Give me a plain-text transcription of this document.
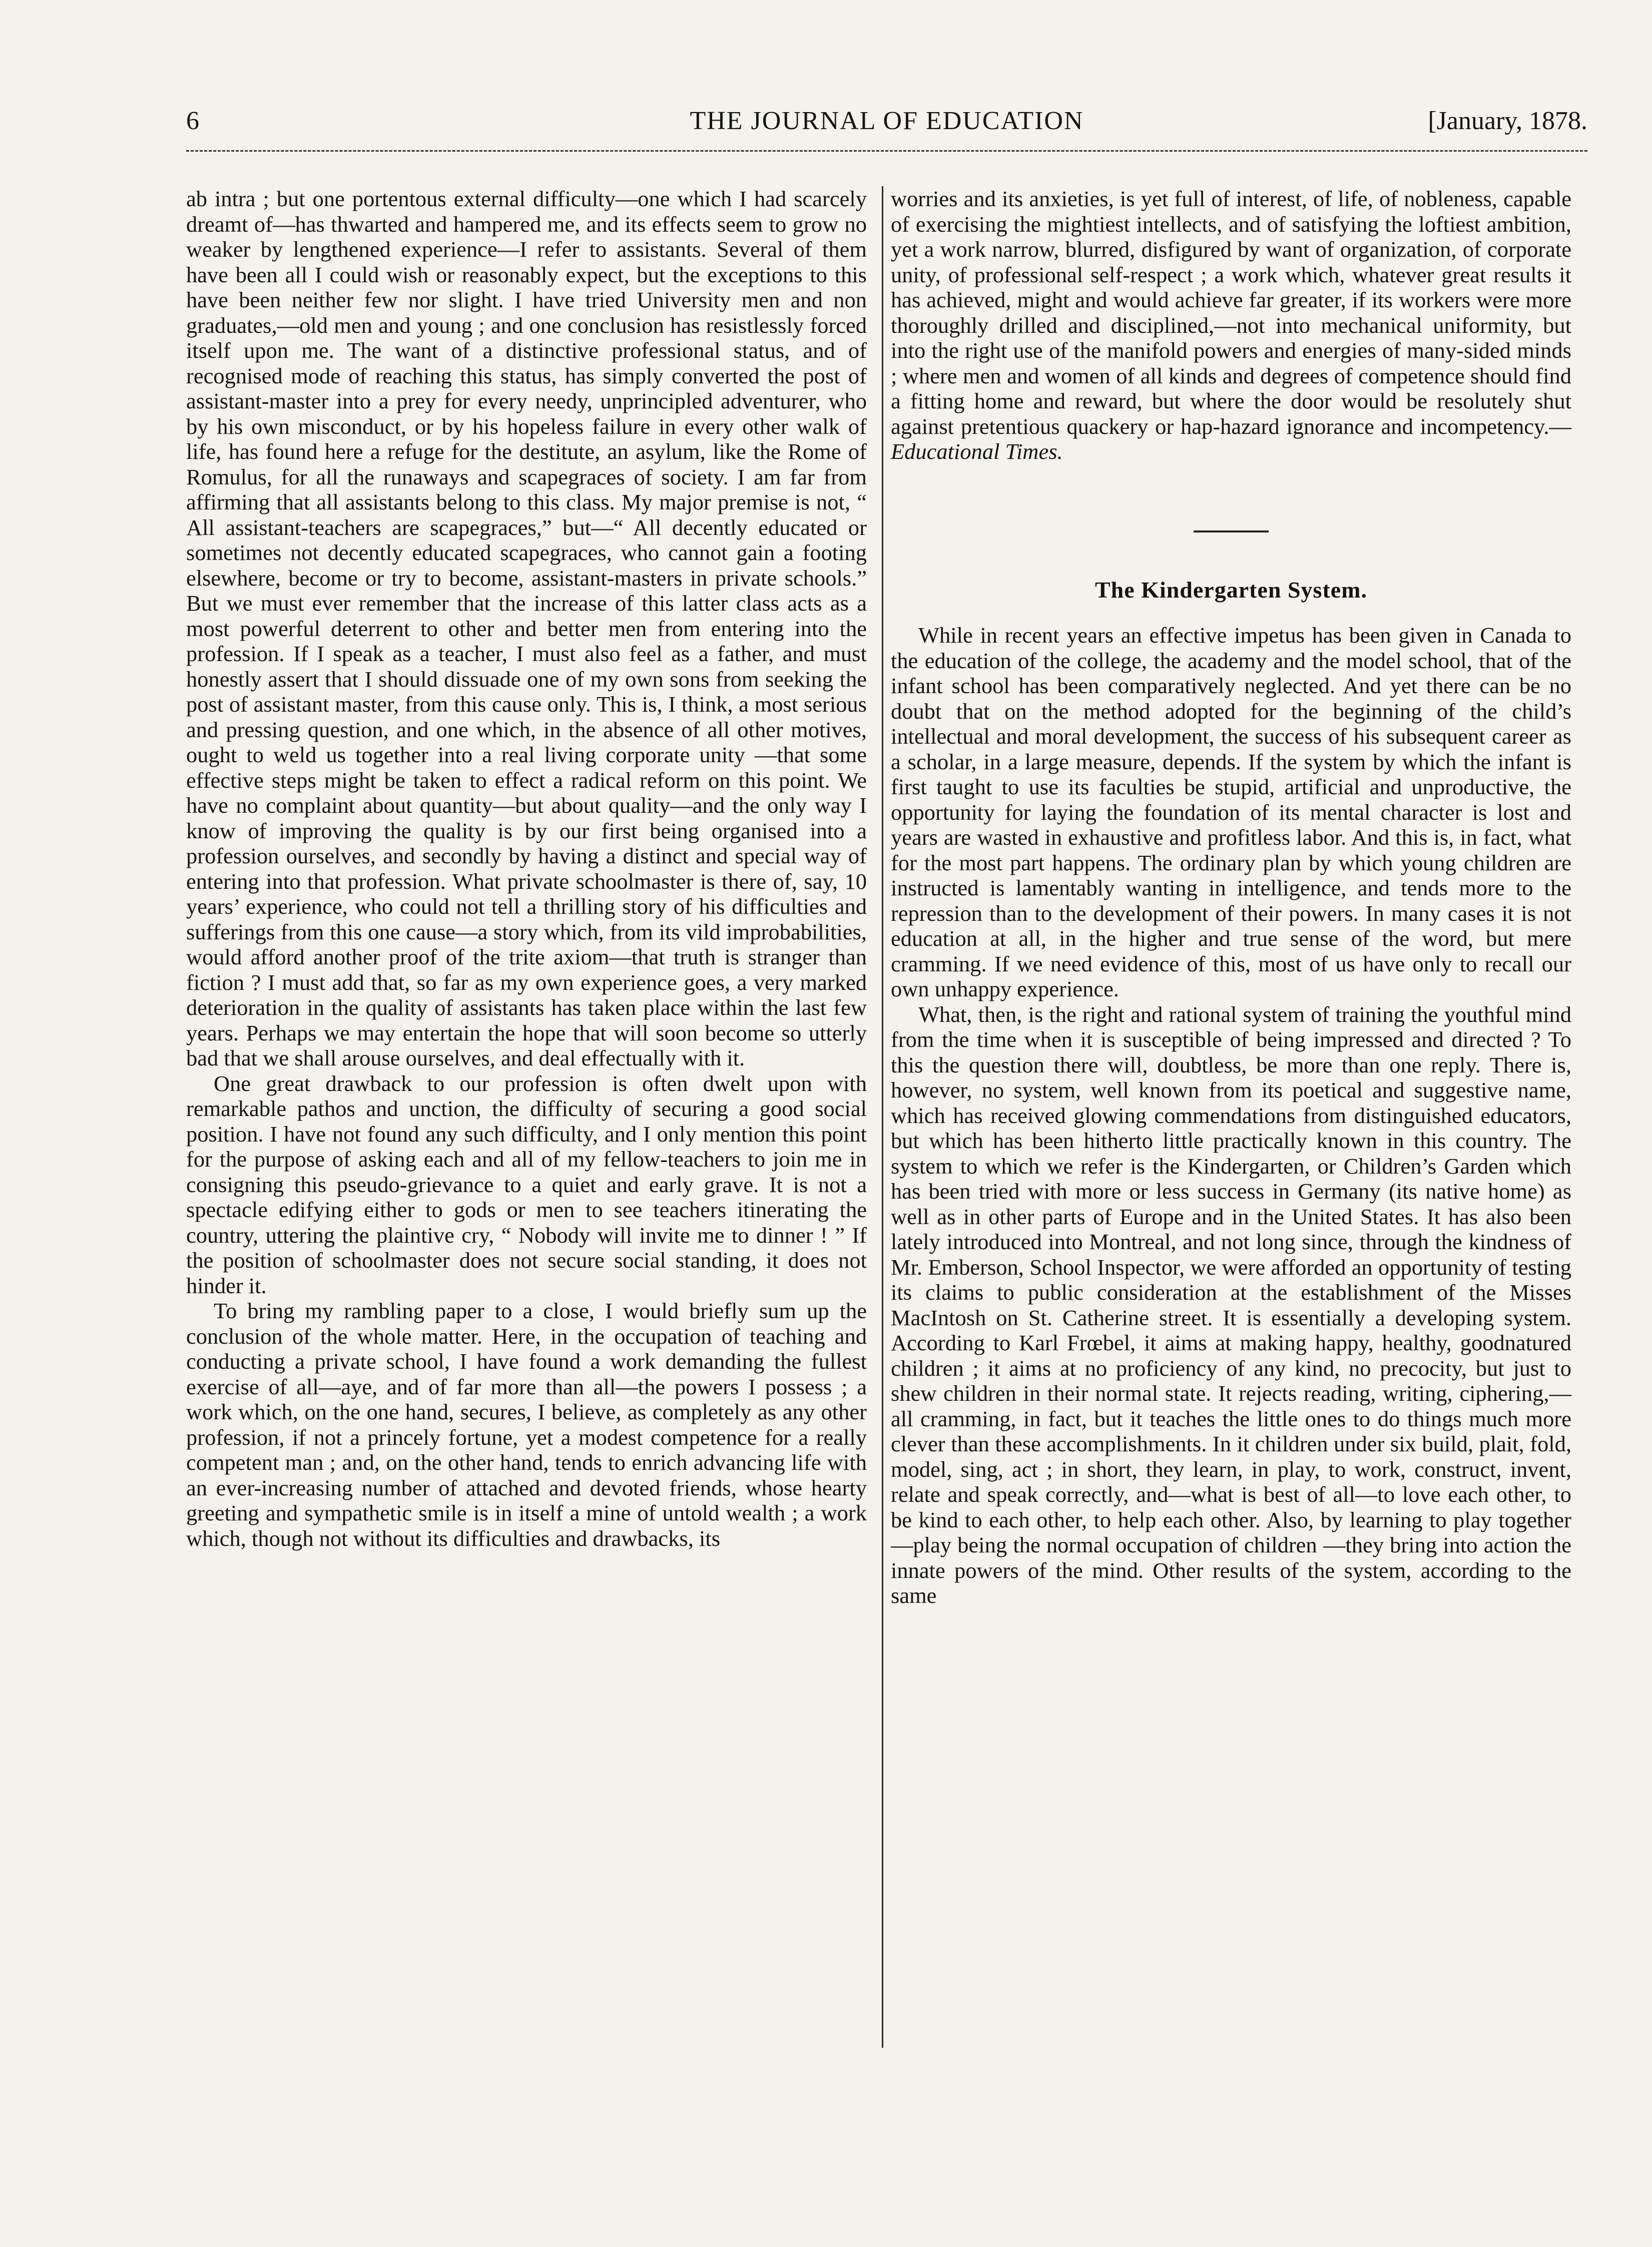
6	THE JOURNAL OF EDUCATION	[January, 1878.

ab intra ; but one portentous external difficulty—one which I had scarcely dreamt of—has thwarted and hampered me, and its effects seem to grow no weaker by lengthened experience—I refer to assistants. Several of them have been all I could wish or reasonably expect, but the exceptions to this have been neither few nor slight. I have tried University men and non graduates,—old men and young ; and one conclusion has resistlessly forced itself upon me. The want of a distinctive professional status, and of recognised mode of reaching this status, has simply converted the post of assistant-master into a prey for every needy, unprincipled adventurer, who by his own misconduct, or by his hopeless failure in every other walk of life, has found here a refuge for the destitute, an asylum, like the Rome of Romulus, for all the runaways and scapegraces of society. I am far from affirming that all assistants belong to this class. My major premise is not, “ All assistant-teachers are scapegraces,” but—“ All decently educated or sometimes not decently educated scapegraces, who cannot gain a footing elsewhere, become or try to become, assistant-masters in private schools.” But we must ever remember that the increase of this latter class acts as a most powerful deterrent to other and better men from entering into the profession. If I speak as a teacher, I must also feel as a father, and must honestly assert that I should dissuade one of my own sons from seeking the post of assistant master, from this cause only. This is, I think, a most serious and pressing question, and one which, in the absence of all other motives, ought to weld us together into a real living corporate unity —that some effective steps might be taken to effect a radical reform on this point. We have no complaint about quantity—but about quality—and the only way I know of improving the quality is by our first being organised into a profession ourselves, and secondly by having a distinct and special way of entering into that profession. What private schoolmaster is there of, say, 10 years’ experience, who could not tell a thrilling story of his difficulties and sufferings from this one cause—a story which, from its vild improbabilities, would afford another proof of the trite axiom—that truth is stranger than fiction ? I must add that, so far as my own experience goes, a very marked deterioration in the quality of assistants has taken place within the last few years. Perhaps we may entertain the hope that will soon become so utterly bad that we shall arouse ourselves, and deal effectually with it.

One great drawback to our profession is often dwelt upon with remarkable pathos and unction, the difficulty of securing a good social position. I have not found any such difficulty, and I only mention this point for the purpose of asking each and all of my fellow-teachers to join me in consigning this pseudo-grievance to a quiet and early grave. It is not a spectacle edifying either to gods or men to see teachers itinerating the country, uttering the plaintive cry, “ Nobody will invite me to dinner ! ” If the position of schoolmaster does not secure social standing, it does not hinder it.

To bring my rambling paper to a close, I would briefly sum up the conclusion of the whole matter. Here, in the occupation of teaching and conducting a private school, I have found a work demanding the fullest exercise of all—aye, and of far more than all—the powers I possess ; a work which, on the one hand, secures, I believe, as completely as any other profession, if not a princely fortune, yet a modest competence for a really competent man ; and, on the other hand, tends to enrich advancing life with an ever-increasing number of attached and devoted friends, whose hearty greeting and sympathetic smile is in itself a mine of untold wealth ; a work which, though not without its difficulties and drawbacks, its

worries and its anxieties, is yet full of interest, of life, of nobleness, capable of exercising the mightiest intellects, and of satisfying the loftiest ambition, yet a work narrow, blurred, disfigured by want of organization, of corporate unity, of professional self-respect ; a work which, whatever great results it has achieved, might and would achieve far greater, if its workers were more thoroughly drilled and disciplined,—not into mechanical uniformity, but into the right use of the manifold powers and energies of many-sided minds ; where men and women of all kinds and degrees of competence should find a fitting home and reward, but where the door would be resolutely shut against pretentious quackery or hap-hazard ignorance and incompetency.—Educational Times.

The Kindergarten System.

While in recent years an effective impetus has been given in Canada to the education of the college, the academy and the model school, that of the infant school has been comparatively neglected. And yet there can be no doubt that on the method adopted for the beginning of the child’s intellectual and moral development, the success of his subsequent career as a scholar, in a large measure, depends. If the system by which the infant is first taught to use its faculties be stupid, artificial and unproductive, the opportunity for laying the foundation of its mental character is lost and years are wasted in exhaustive and profitless labor. And this is, in fact, what for the most part happens. The ordinary plan by which young children are instructed is lamentably wanting in intelligence, and tends more to the repression than to the development of their powers. In many cases it is not education at all, in the higher and true sense of the word, but mere cramming. If we need evidence of this, most of us have only to recall our own unhappy experience.

What, then, is the right and rational system of training the youthful mind from the time when it is susceptible of being impressed and directed ? To this the question there will, doubtless, be more than one reply. There is, however, no system, well known from its poetical and suggestive name, which has received glowing commendations from distinguished educators, but which has been hitherto little practically known in this country. The system to which we refer is the Kindergarten, or Children’s Garden which has been tried with more or less success in Germany (its native home) as well as in other parts of Europe and in the United States. It has also been lately introduced into Montreal, and not long since, through the kindness of Mr. Emberson, School Inspector, we were afforded an opportunity of testing its claims to public consideration at the establishment of the Misses MacIntosh on St. Catherine street. It is essentially a developing system. According to Karl Frœbel, it aims at making happy, healthy, goodnatured children ; it aims at no proficiency of any kind, no precocity, but just to shew children in their normal state. It rejects reading, writing, ciphering,—all cramming, in fact, but it teaches the little ones to do things much more clever than these accomplishments. In it children under six build, plait, fold, model, sing, act ; in short, they learn, in play, to work, construct, invent, relate and speak correctly, and—what is best of all—to love each other, to be kind to each other, to help each other. Also, by learning to play together—play being the normal occupation of children —they bring into action the innate powers of the mind. Other results of the system, according to the same
